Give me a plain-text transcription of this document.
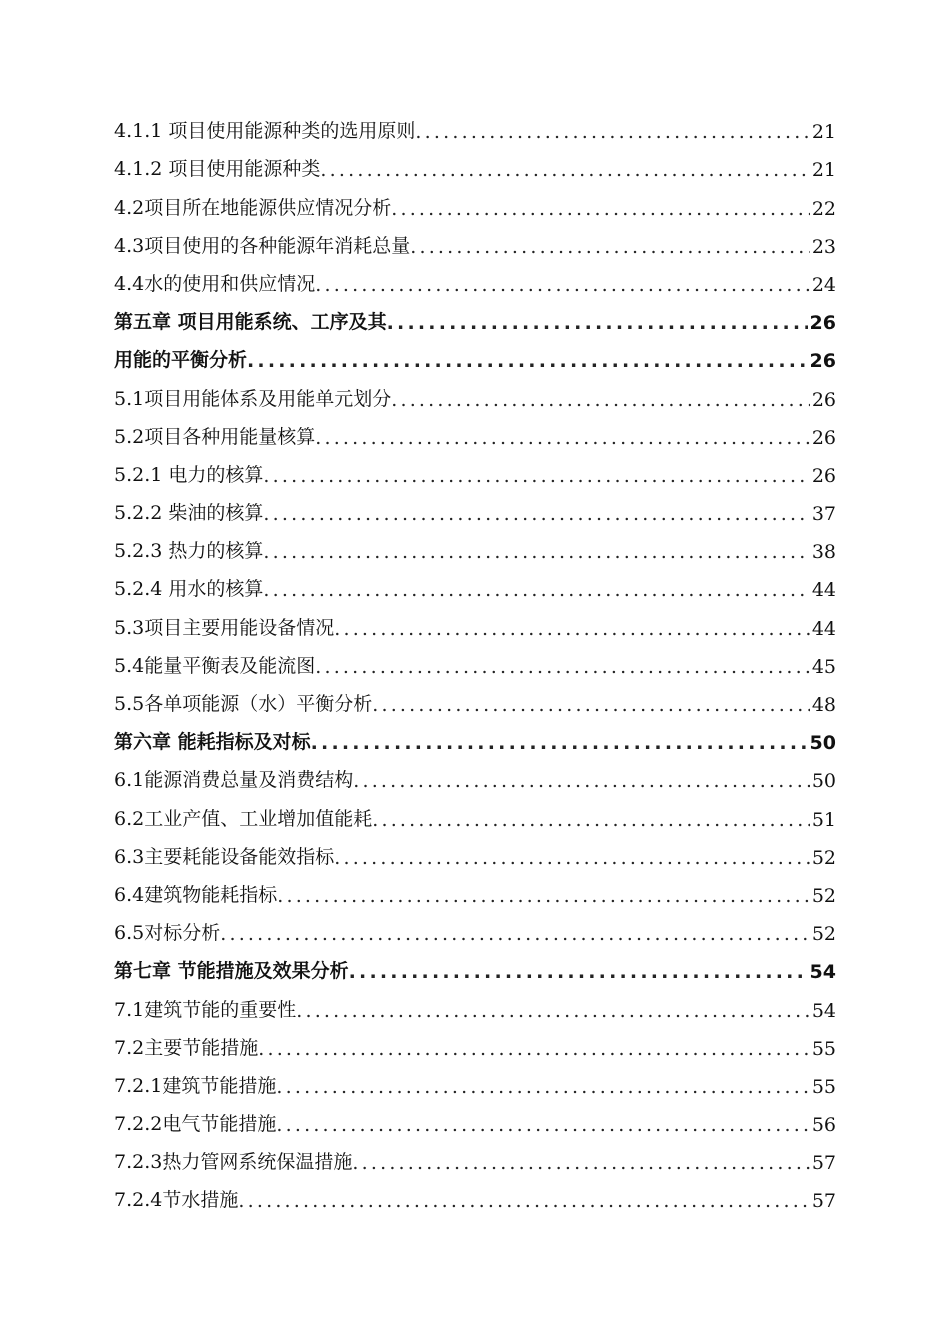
4.1.1 项目使用能源种类的选用原则 .....	21
4.1.2 项目使用能源种类 .....	21
4.2项目所在地能源供应情况分析 .....	22
4.3项目使用的各种能源年消耗总量 .....	23
4.4水的使用和供应情况 .....	24
第五章 项目用能系统、工序及其 .....	26
用能的平衡分析 .....	26
5.1项目用能体系及用能单元划分 .....	26
5.2项目各种用能量核算 .....	26
5.2.1 电力的核算 .....	26
5.2.2 柴油的核算 .....	37
5.2.3 热力的核算 .....	38
5.2.4 用水的核算 .....	44
5.3项目主要用能设备情况 .....	44
5.4能量平衡表及能流图 .....	45
5.5各单项能源（水）平衡分析 .....	48
第六章 能耗指标及对标 .....	50
6.1能源消费总量及消费结构 .....	50
6.2工业产值、工业增加值能耗 .....	51
6.3主要耗能设备能效指标 .....	52
6.4建筑物能耗指标 .....	52
6.5对标分析 .....	52
第七章 节能措施及效果分析 .....	54
7.1建筑节能的重要性 .....	54
7.2主要节能措施 .....	55
7.2.1建筑节能措施 .....	55
7.2.2电气节能措施 .....	56
7.2.3热力管网系统保温措施 .....	57
7.2.4节水措施 .....	57
